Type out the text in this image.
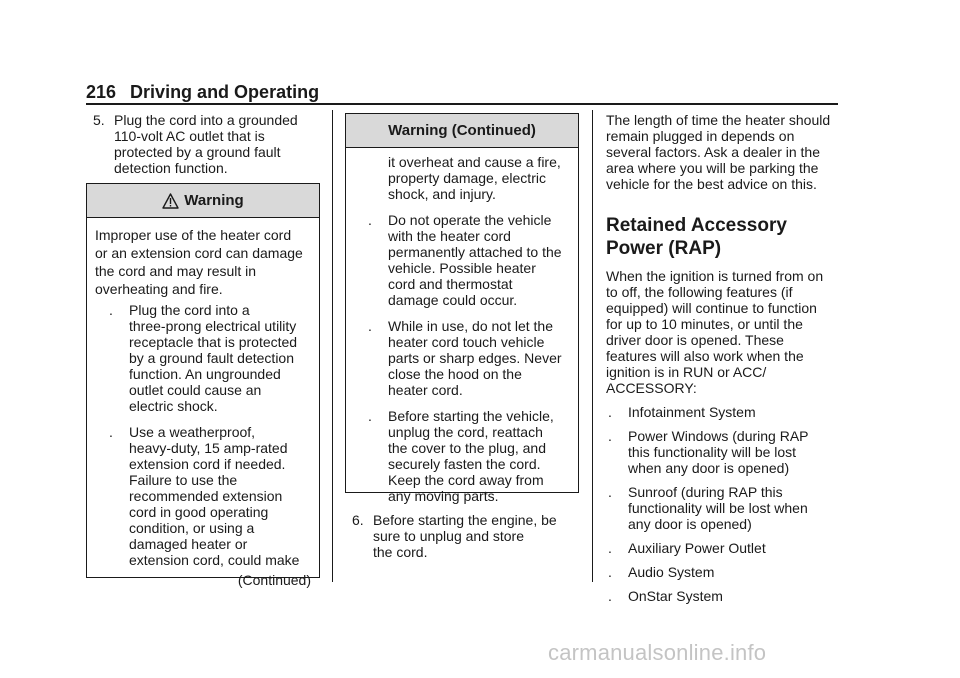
216 Driving and Operating
5. Plug the cord into a grounded
110-volt AC outlet that is
protected by a ground fault
detection function.
Warning
Improper use of the heater cord
or an extension cord can damage
the cord and may result in
overheating and fire.
. Plug the cord into a
three-prong electrical utility
receptacle that is protected
by a ground fault detection
function. An ungrounded
outlet could cause an
electric shock.
. Use a weatherproof,
heavy-duty, 15 amp-rated
extension cord if needed.
Failure to use the
recommended extension
cord in good operating
condition, or using a
damaged heater or
extension cord, could make
(Continued)
Warning (Continued)
it overheat and cause a fire,
property damage, electric
shock, and injury.
. Do not operate the vehicle
with the heater cord
permanently attached to the
vehicle. Possible heater
cord and thermostat
damage could occur.
. While in use, do not let the
heater cord touch vehicle
parts or sharp edges. Never
close the hood on the
heater cord.
. Before starting the vehicle,
unplug the cord, reattach
the cover to the plug, and
securely fasten the cord.
Keep the cord away from
any moving parts.
6. Before starting the engine, be
sure to unplug and store
the cord.
The length of time the heater should
remain plugged in depends on
several factors. Ask a dealer in the
area where you will be parking the
vehicle for the best advice on this.
Retained Accessory
Power (RAP)
When the ignition is turned from on
to off, the following features (if
equipped) will continue to function
for up to 10 minutes, or until the
driver door is opened. These
features will also work when the
ignition is in RUN or ACC/
ACCESSORY:
. Infotainment System
. Power Windows (during RAP
this functionality will be lost
when any door is opened)
. Sunroof (during RAP this
functionality will be lost when
any door is opened)
. Auxiliary Power Outlet
. Audio System
. OnStar System
carmanualsonline.info
